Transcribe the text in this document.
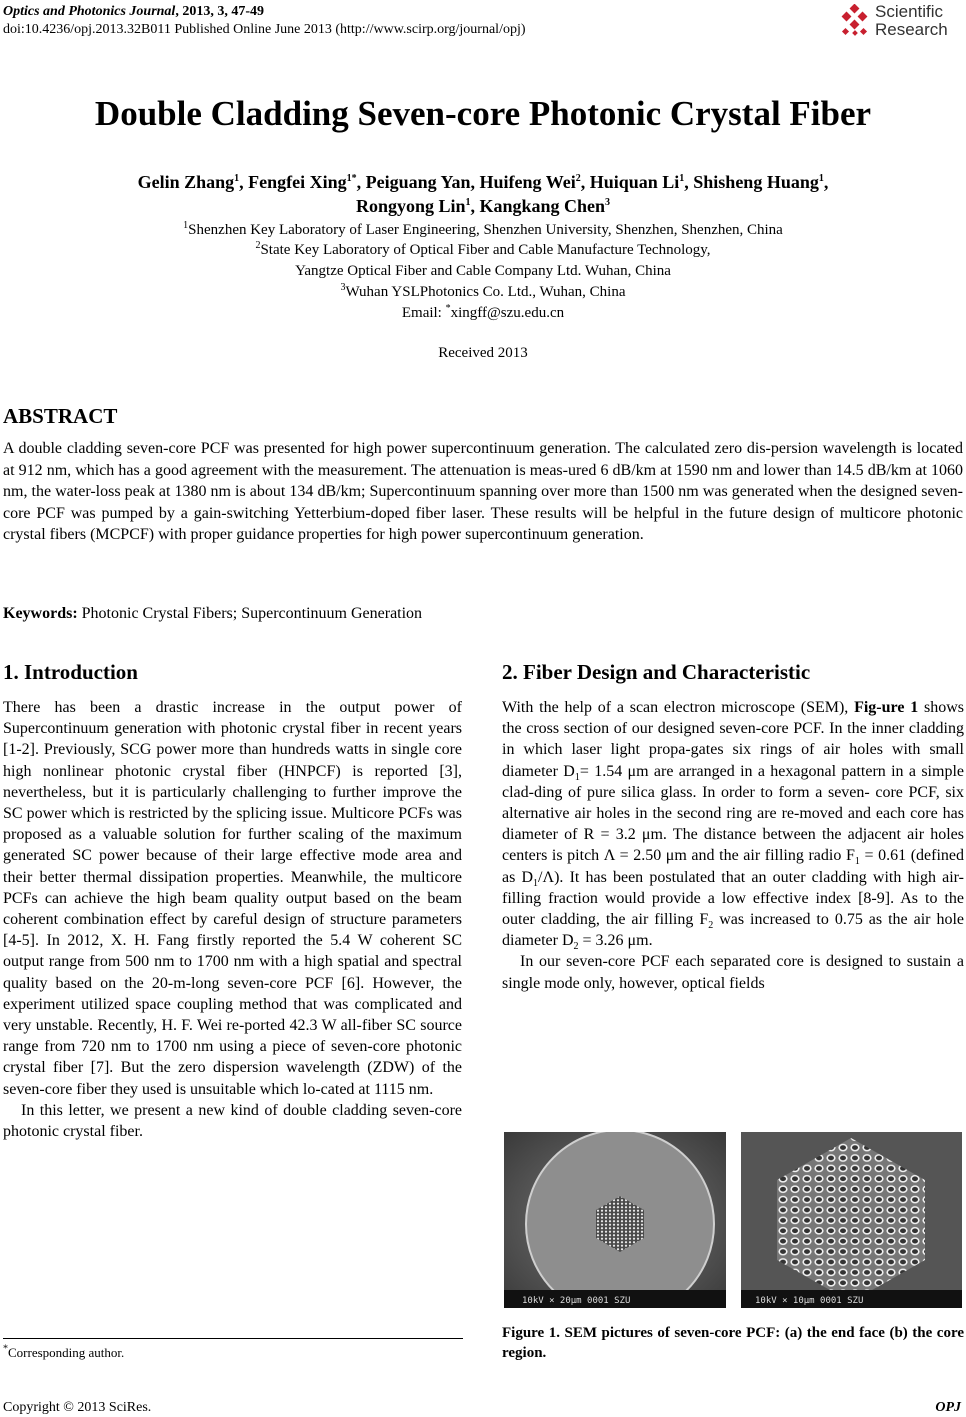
Optics and Photonics Journal, 2013, 3, 47-49
doi:10.4236/opj.2013.32B011 Published Online June 2013 (http://www.scirp.org/journal/opj)
Scientific
Research
Double Cladding Seven-core Photonic Crystal Fiber
Gelin Zhang$^1$, Fengfei Xing$^{1*}$, Peiguang Yan, Huifeng Wei$^2$, Huiquan Li$^1$, Shisheng Huang$^1$,
Rongyong Lin$^1$, Kangkang Chen$^3$
$^1$Shenzhen Key Laboratory of Laser Engineering, Shenzhen University, Shenzhen, Shenzhen, China
$^2$State Key Laboratory of Optical Fiber and Cable Manufacture Technology,
Yangtze Optical Fiber and Cable Company Ltd. Wuhan, China
$^3$Wuhan YSLPhotonics Co. Ltd., Wuhan, China
Email: *xingff@szu.edu.cn
Received 2013
ABSTRACT
A double cladding seven-core PCF was presented for high power supercontinuum generation. The calculated zero dis-persion wavelength is located at 912 nm, which has a good agreement with the measurement. The attenuation is meas-ured 6 dB/km at 1590 nm and lower than 14.5 dB/km at 1060 nm, the water-loss peak at 1380 nm is about 134 dB/km; Supercontinuum spanning over more than 1500 nm was generated when the designed seven-core PCF was pumped by a gain-switching Yetterbium-doped fiber laser. These results will be helpful in the future design of multicore photonic crystal fibers (MCPCF) with proper guidance properties for high power supercontinuum generation.
Keywords: Photonic Crystal Fibers; Supercontinuum Generation
1. Introduction

There has been a drastic increase in the output power of Supercontinuum generation with photonic crystal fiber in recent years [1-2]. Previously, SCG power more than hundreds watts in single core high nonlinear photonic crystal fiber (HNPCF) is reported [3], nevertheless, but it is particularly challenging to further improve the SC power which is restricted by the splicing issue. Multicore PCFs was proposed as a valuable solution for further scaling of the maximum generated SC power because of their large effective mode area and their better thermal dissipation properties. Meanwhile, the multicore PCFs can achieve the high beam quality output based on the beam coherent combination effect by careful design of structure parameters [4-5]. In 2012, X. H. Fang firstly reported the 5.4 W coherent SC output range from 500 nm to 1700 nm with a high spatial and spectral quality based on the 20-m-long seven-core PCF [6]. However, the experiment utilized space coupling method that was complicated and very unstable. Recently, H. F. Wei re-ported 42.3 W all-fiber SC source range from 720 nm to 1700 nm using a piece of seven-core photonic crystal fiber [7]. But the zero dispersion wavelength (ZDW) of the seven-core fiber they used is unsuitable which lo-cated at 1115 nm.

In this letter, we present a new kind of double cladding seven-core photonic crystal fiber.

2. Fiber Design and Characteristic

With the help of a scan electron microscope (SEM), Fig-ure 1 shows the cross section of our designed seven-core PCF. In the inner cladding in which laser light propa-gates six rings of air holes with small diameter $D_1= 1.54$ μm are arranged in a hexagonal pattern in a simple clad-ding of pure silica glass. In order to form a seven- core PCF, six alternative air holes in the second ring are re-moved and each core has diameter of R = 3.2 μm. The distance between the adjacent air holes centers is pitch Λ = 2.50 μm and the air filling radio $F_1 = 0.61$ (defined as $D_1/\Lambda$). It has been postulated that an outer cladding with high air-filling fraction would provide a low effective index [8-9]. As to the outer cladding, the air filling $F_2$ was increased to 0.75 as the air hole diameter $D_2 = 3.26$ μm.

In our seven-core PCF each separated core is designed to sustain a single mode only, however, optical fields

10kV × 20μm 0001 SZU	10kV × 10μm 0001 SZU
Figure 1. SEM pictures of seven-core PCF: (a) the end face (b) the core region.
*Corresponding author.
Copyright © 2013 SciRes.	OPJ
